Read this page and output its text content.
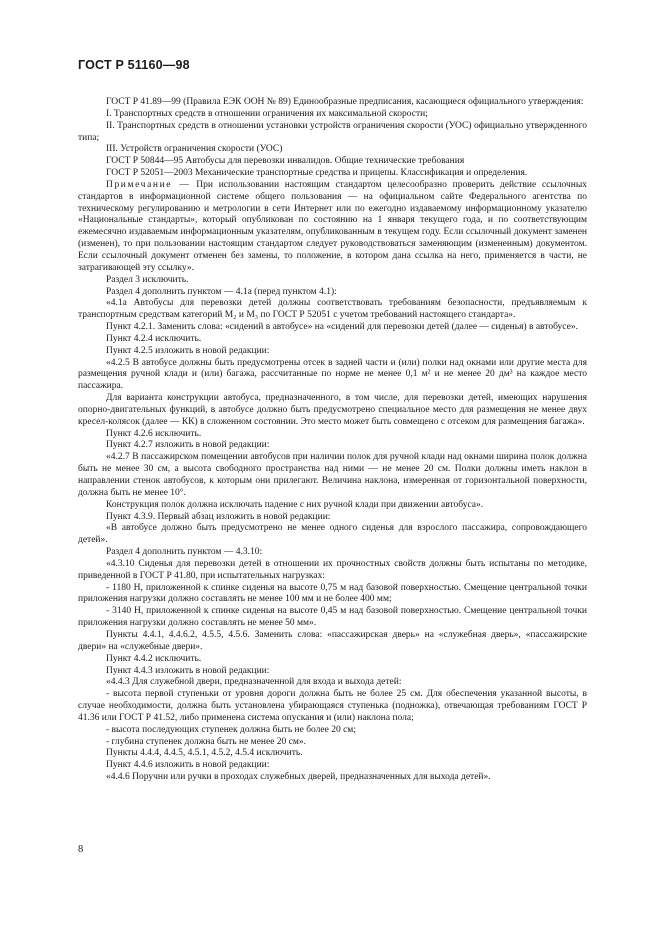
ГОСТ Р 51160—98

ГОСТ Р 41.89—99 (Правила ЕЭК ООН № 89) Единообразные предписания, касающиеся официального утверждения:

I. Транспортных средств в отношении ограничения их максимальной скорости;

II. Транспортных средств в отношении установки устройств ограничения скорости (УОС) официально утвержденного типа;

III. Устройств ограничения скорости (УОС)

ГОСТ Р 50844—95 Автобусы для перевозки инвалидов. Общие технические требования

ГОСТ Р 52051—2003 Механические транспортные средства и прицепы. Классификация и определения.

Примечание — При использовании настоящим стандартом целесообразно проверить действие ссылочных стандартов в информационной системе общего пользования — на официальном сайте Федерального агентства по техническому регулированию и метрологии в сети Интернет или по ежегодно издаваемому информационному указателю «Национальные стандарты», который опубликован по состоянию на 1 января текущего года, и по соответствующим ежемесячно издаваемым информационным указателям, опубликованным в текущем году. Если ссылочный документ заменен (изменен), то при пользовании настоящим стандартом следует руководствоваться заменяющим (измененным) документом. Если ссылочный документ отменен без замены, то положение, в котором дана ссылка на него, применяется в части, не затрагивающей эту ссылку».

Раздел 3 исключить.

Раздел 4 дополнить пунктом — 4.1а (перед пунктом 4.1):

«4.1а Автобусы для перевозки детей должны соответствовать требованиям безопасности, предъявляемым к транспортным средствам категорий M₂ и M₃ по ГОСТ Р 52051 с учетом требований настоящего стандарта».

Пункт 4.2.1. Заменить слова: «сидений в автобусе» на «сидений для перевозки детей (далее — сиденья) в автобусе».

Пункт 4.2.4 исключить.

Пункт 4.2.5 изложить в новой редакции:

«4.2.5 В автобусе должны быть предусмотрены отсек в задней части и (или) полки над окнами или другие места для размещения ручной клади и (или) багажа, рассчитанные по норме не менее 0,1 м² и не менее 20 дм³ на каждое место пассажира.

Для варианта конструкции автобуса, предназначенного, в том числе, для перевозки детей, имеющих нарушения опорно-двигательных функций, в автобусе должно быть предусмотрено специальное место для размещения не менее двух кресел-колясок (далее — КК) в сложенном состоянии. Это место может быть совмещено с отсеком для размещения багажа».

Пункт 4.2.6 исключить.

Пункт 4.2.7 изложить в новой редакции:

«4.2.7 В пассажирском помещении автобусов при наличии полок для ручной клади над окнами ширина полок должна быть не менее 30 см, а высота свободного пространства над ними — не менее 20 см. Полки должны иметь наклон в направлении стенок автобусов, к которым они прилегают. Величина наклона, измеренная от горизонтальной поверхности, должна быть не менее 10°.

Конструкция полок должна исключать падение с них ручной клади при движении автобуса».

Пункт 4.3.9. Первый абзац изложить в новой редакции:

«В автобусе должно быть предусмотрено не менее одного сиденья для взрослого пассажира, сопровождающего детей».

Раздел 4 дополнить пунктом — 4.3.10:

«4.3.10 Сиденья для перевозки детей в отношении их прочностных свойств должны быть испытаны по методике, приведенной в ГОСТ Р 41.80, при испытательных нагрузках:

- 1180 Н, приложенной к спинке сиденья на высоте 0,75 м над базовой поверхностью. Смещение центральной точки приложения нагрузки должно составлять не менее 100 мм и не более 400 мм;

- 3140 Н, приложенной к спинке сиденья на высоте 0,45 м над базовой поверхностью. Смещение центральной точки приложения нагрузки должно составлять не менее 50 мм».

Пункты 4.4.1, 4.4.6.2, 4.5.5, 4.5.6. Заменить слова: «пассажирская дверь» на «служебная дверь», «пассажирские двери» на «служебные двери».

Пункт 4.4.2 исключить.

Пункт 4.4.3 изложить в новой редакции:

«4.4.3 Для служебной двери, предназначенной для входа и выхода детей:

- высота первой ступеньки от уровня дороги должна быть не более 25 см. Для обеспечения указанной высоты, в случае необходимости, должна быть установлена убирающаяся ступенька (подножка), отвечающая требованиям ГОСТ Р 41.36 или ГОСТ Р 41.52, либо применена система опускания и (или) наклона пола;

- высота последующих ступенек должна быть не более 20 см;

- глубина ступенек должна быть не менее 20 см».

Пункты 4.4.4, 4.4.5, 4.5.1, 4.5.2, 4.5.4 исключить.

Пункт 4.4.6 изложить в новой редакции:

«4.4.6 Поручни или ручки в проходах служебных дверей, предназначенных для выхода детей».

8
